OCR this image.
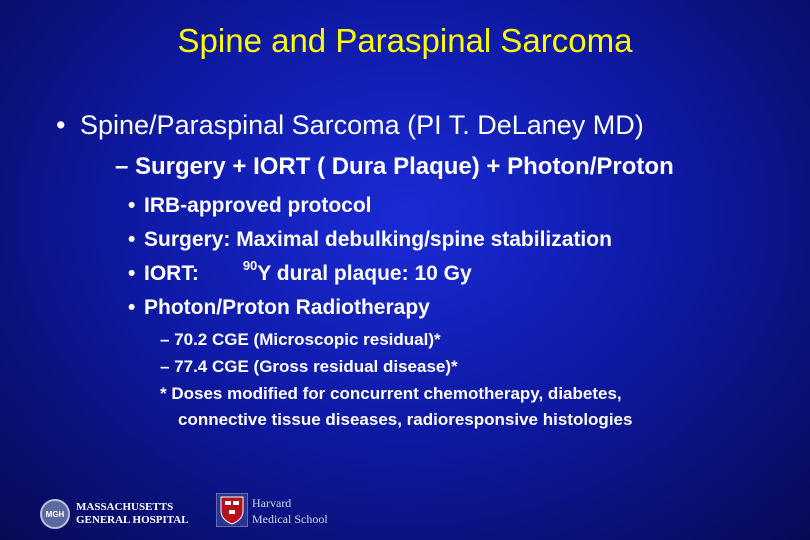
Spine and Paraspinal Sarcoma
• Spine/Paraspinal Sarcoma (PI T. DeLaney MD)
– Surgery + IORT ( Dura Plaque) + Photon/Proton
• IRB-approved protocol
• Surgery: Maximal debulking/spine stabilization
• IORT:	$^{90}$Y dural plaque: 10 Gy
• Photon/Proton Radiotherapy
– 70.2 CGE (Microscopic residual)*
– 77.4 CGE (Gross residual disease)*
* Doses modified for concurrent chemotherapy, diabetes,
connective tissue diseases, radioresponsive histologies
MGH
MASSACHUSETTS
GENERAL HOSPITAL
Harvard
Medical School
